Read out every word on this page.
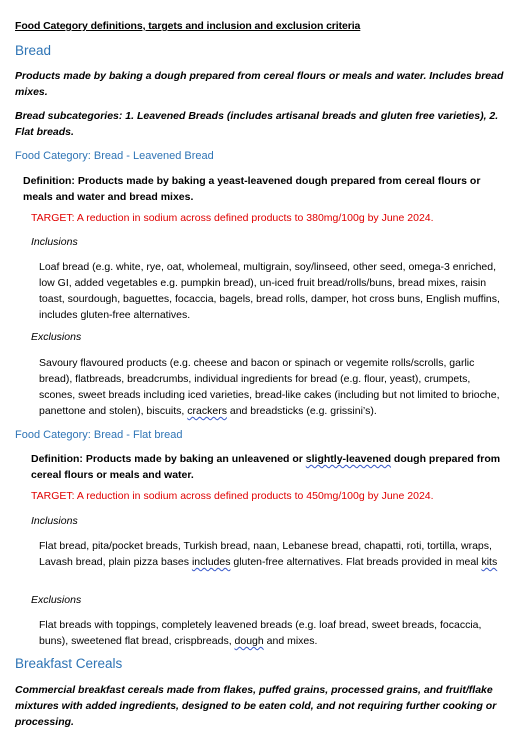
Food Category definitions, targets and inclusion and exclusion criteria
Bread
Products made by baking a dough prepared from cereal flours or meals and water. Includes bread mixes.
Bread subcategories: 1. Leavened Breads (includes artisanal breads and gluten free varieties), 2. Flat breads.
Food Category: Bread - Leavened Bread
Definition: Products made by baking a yeast-leavened dough prepared from cereal flours or meals and water and bread mixes.
TARGET: A reduction in sodium across defined products to 380mg/100g by June 2024.
Inclusions
Loaf bread (e.g. white, rye, oat, wholemeal, multigrain, soy/linseed, other seed, omega-3 enriched, low GI, added vegetables e.g. pumpkin bread), un-iced fruit bread/rolls/buns, bread mixes, raisin toast, sourdough, baguettes, focaccia, bagels, bread rolls, damper, hot cross buns, English muffins, includes gluten-free alternatives.
Exclusions
Savoury flavoured products (e.g. cheese and bacon or spinach or vegemite rolls/scrolls, garlic bread), flatbreads, breadcrumbs, individual ingredients for bread (e.g. flour, yeast), crumpets, scones, sweet breads including iced varieties, bread-like cakes (including but not limited to brioche, panettone and stolen), biscuits, crackers and breadsticks (e.g. grissini’s).
Food Category: Bread - Flat bread
Definition: Products made by baking an unleavened or slightly-leavened dough prepared from cereal flours or meals and water.
TARGET: A reduction in sodium across defined products to 450mg/100g by June 2024.
Inclusions
Flat bread, pita/pocket breads, Turkish bread, naan, Lebanese bread, chapatti, roti, tortilla, wraps, Lavash bread, plain pizza bases includes gluten-free alternatives. Flat breads provided in meal kits
Exclusions
Flat breads with toppings, completely leavened breads (e.g. loaf bread, sweet breads, focaccia, buns), sweetened flat bread, crispbreads, dough and mixes.
Breakfast Cereals
Commercial breakfast cereals made from flakes, puffed grains, processed grains, and fruit/flake mixtures with added ingredients, designed to be eaten cold, and not requiring further cooking or processing.
